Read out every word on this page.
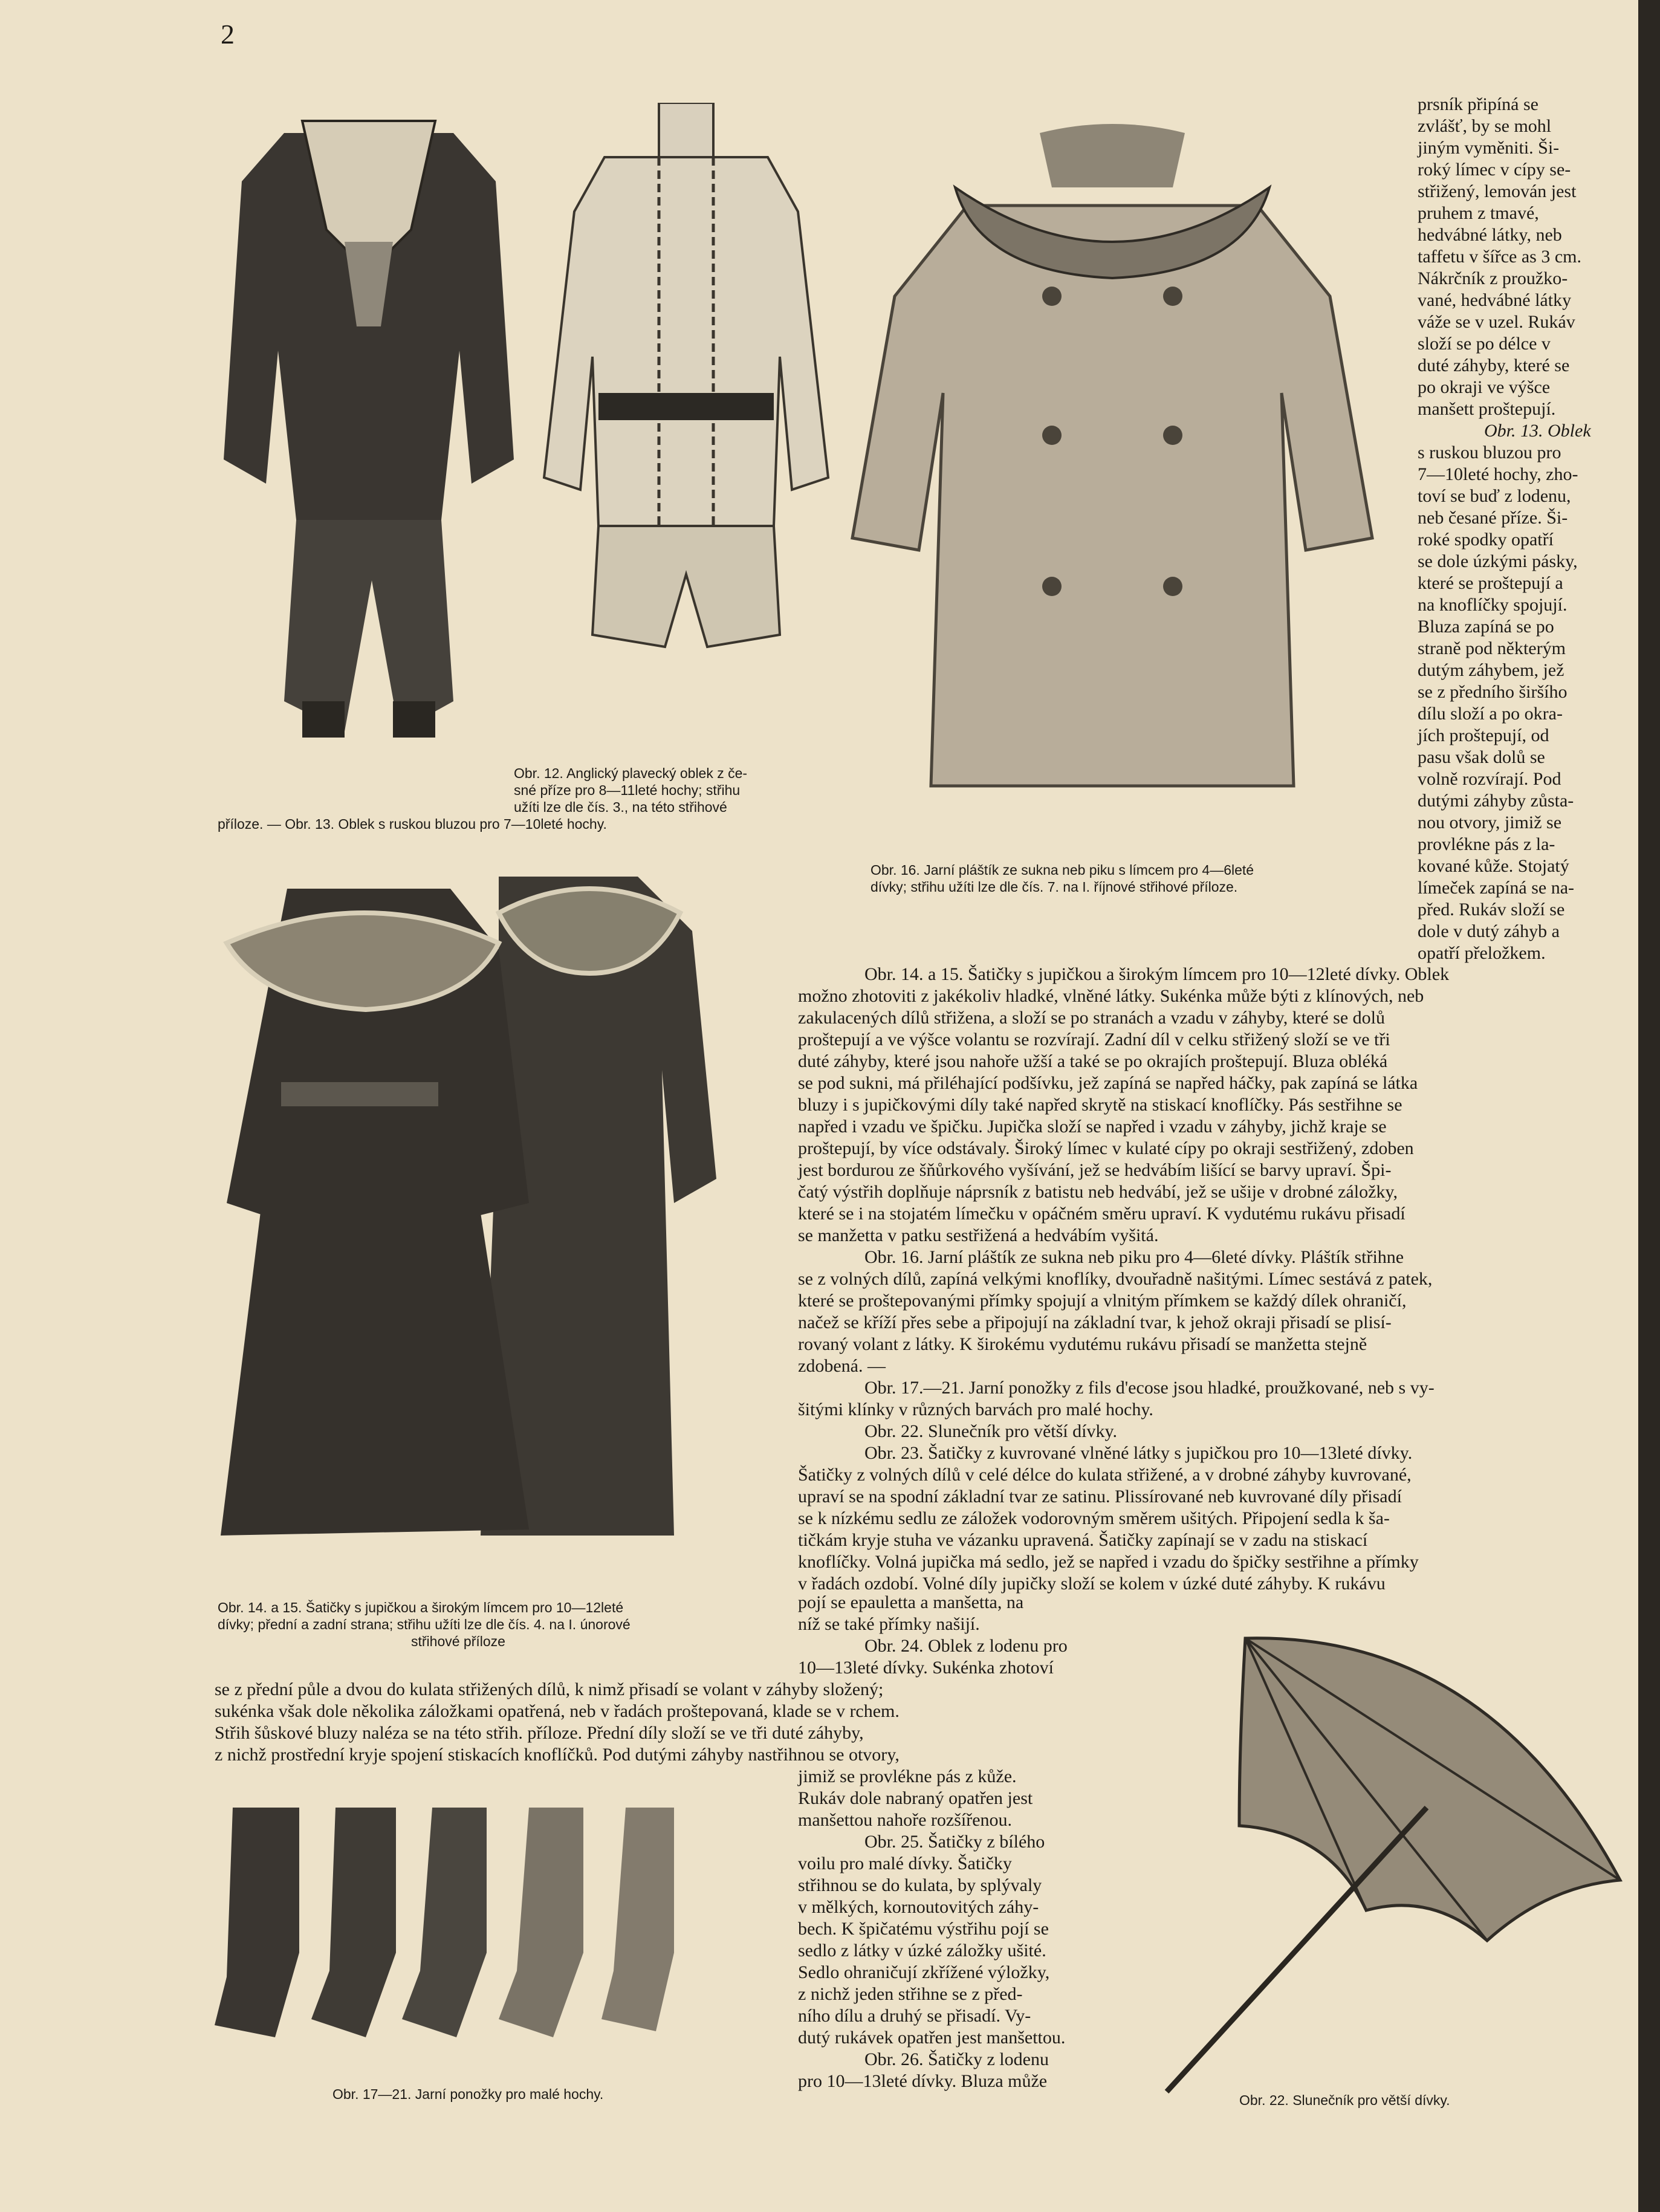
2
prsník připíná se
zvlášť, by se mohl
jiným vyměniti. Ši-
roký límec v cípy se-
střižený, lemován jest
pruhem z tmavé,
hedvábné látky, neb
taffetu v šířce as 3 cm.
Nákrčník z proužko-
vané, hedvábné látky
váže se v uzel. Rukáv
složí se po délce v
duté záhyby, které se
po okraji ve výšce
manšett proštepují.
Obr. 13. Oblek
s ruskou bluzou pro
7—10leté hochy, zho-
toví se buď z lodenu,
neb česané příze. Ši-
roké spodky opatří
se dole úzkými pásky,
které se proštepují a
na knoflíčky spojují.
Bluza zapíná se po
straně pod některým
dutým záhybem, jež
se z předního širšího
dílu složí a po okra-
jích proštepují, od
pasu však dolů se
volně rozvírají. Pod
dutými záhyby zůsta-
nou otvory, jimiž se
provlékne pás z la-
kované kůže. Stojatý
límeček zapíná se na-
před. Rukáv složí se
dole v dutý záhyb a
opatří přeložkem.
Obr. 12. Anglický plavecký oblek z če-
sné příze pro 8—11leté hochy; střihu
užíti lze dle čís. 3., na této střihové
příloze. — Obr. 13. Oblek s ruskou bluzou pro 7—10leté hochy.
Obr. 16. Jarní pláštík ze sukna neb piku s límcem pro 4—6leté
dívky; střihu užíti lze dle čís. 7. na I. říjnové střihové příloze.
Obr. 14. a 15. Šatičky s jupičkou a širokým límcem pro 10—12leté dívky. Oblek
možno zhotoviti z jakékoliv hladké, vlněné látky. Sukénka může býti z klínových, neb
zakulacených dílů střižena, a složí se po stranách a vzadu v záhyby, které se dolů
proštepují a ve výšce volantu se rozvírají. Zadní díl v celku střižený složí se ve tři
duté záhyby, které jsou nahoře užší a také se po okrajích proštepují. Bluza obléká
se pod sukni, má přiléhající podšívku, jež zapíná se napřed háčky, pak zapíná se látka
bluzy i s jupičkovými díly také napřed skrytě na stiskací knoflíčky. Pás sestřihne se
napřed i vzadu ve špičku. Jupička složí se napřed i vzadu v záhyby, jichž kraje se
proštepují, by více odstávaly. Široký límec v kulaté cípy po okraji sestřižený, zdoben
jest bordurou ze šňůrkového vyšívání, jež se hedvábím lišící se barvy upraví. Špi-
čatý výstřih doplňuje náprsník z batistu neb hedvábí, jež se ušije v drobné záložky,
které se i na stojatém límečku v opáčném směru upraví. K vydutému rukávu přisadí
se manžetta v patku sestřižená a hedvábím vyšitá.
Obr. 16. Jarní pláštík ze sukna neb piku pro 4—6leté dívky. Pláštík střihne
se z volných dílů, zapíná velkými knoflíky, dvouřadně našitými. Límec sestává z patek,
které se proštepovanými přímky spojují a vlnitým přímkem se každý dílek ohraničí,
načež se kříží přes sebe a připojují na základní tvar, k jehož okraji přisadí se plisí-
rovaný volant z látky. K širokému vydutému rukávu přisadí se manžetta stejně
zdobená. —
Obr. 17.—21. Jarní ponožky z fils d'ecose jsou hladké, proužkované, neb s vy-
šitými klínky v různých barvách pro malé hochy.
Obr. 22. Slunečník pro větší dívky.
Obr. 23. Šatičky z kuvrované vlněné látky s jupičkou pro 10—13leté dívky.
Šatičky z volných dílů v celé délce do kulata střižené, a v drobné záhyby kuvrované,
upraví se na spodní základní tvar ze satinu. Plissírované neb kuvrované díly přisadí
se k nízkému sedlu ze záložek vodorovným směrem ušitých. Připojení sedla k ša-
tičkám kryje stuha ve vázanku upravená. Šatičky zapínají se v zadu na stiskací
knoflíčky. Volná jupička má sedlo, jež se napřed i vzadu do špičky sestřihne a přímky
v řadách ozdobí. Volné díly jupičky složí se kolem v úzké duté záhyby. K rukávu
Obr. 14. a 15. Šatičky s jupičkou a širokým límcem pro 10—12leté
dívky; přední a zadní strana; střihu užíti lze dle čís. 4. na I. únorové
střihové příloze
pojí se epauletta a manšetta, na
níž se také přímky našijí.
Obr. 24. Oblek z lodenu pro
10—13leté dívky. Sukénka zhotoví
se z přední půle a dvou do kulata střižených dílů, k nimž přisadí se volant v záhyby složený;
sukénka však dole několika záložkami opatřená, neb v řadách proštepovaná, klade se v rchem.
Střih šůskové bluzy naléza se na této střih. příloze. Přední díly složí se ve tři duté záhyby,
z nichž prostřední kryje spojení stiskacích knoflíčků. Pod dutými záhyby nastřihnou se otvory,
jimiž se provlékne pás z kůže.
Rukáv dole nabraný opatřen jest
manšettou nahoře rozšířenou.
Obr. 25. Šatičky z bílého
voilu pro malé dívky. Šatičky
střihnou se do kulata, by splývaly
v mělkých, kornoutovitých záhy-
bech. K špičatému výstřihu pojí se
sedlo z látky v úzké záložky ušité.
Sedlo ohraničují zkřížené výložky,
z nichž jeden střihne se z před-
ního dílu a druhý se přisadí. Vy-
dutý rukávek opatřen jest manšettou.
Obr. 26. Šatičky z lodenu
pro 10—13leté dívky. Bluza může
Obr. 17—21. Jarní ponožky pro malé hochy.	Obr. 22. Slunečník pro větší dívky.
